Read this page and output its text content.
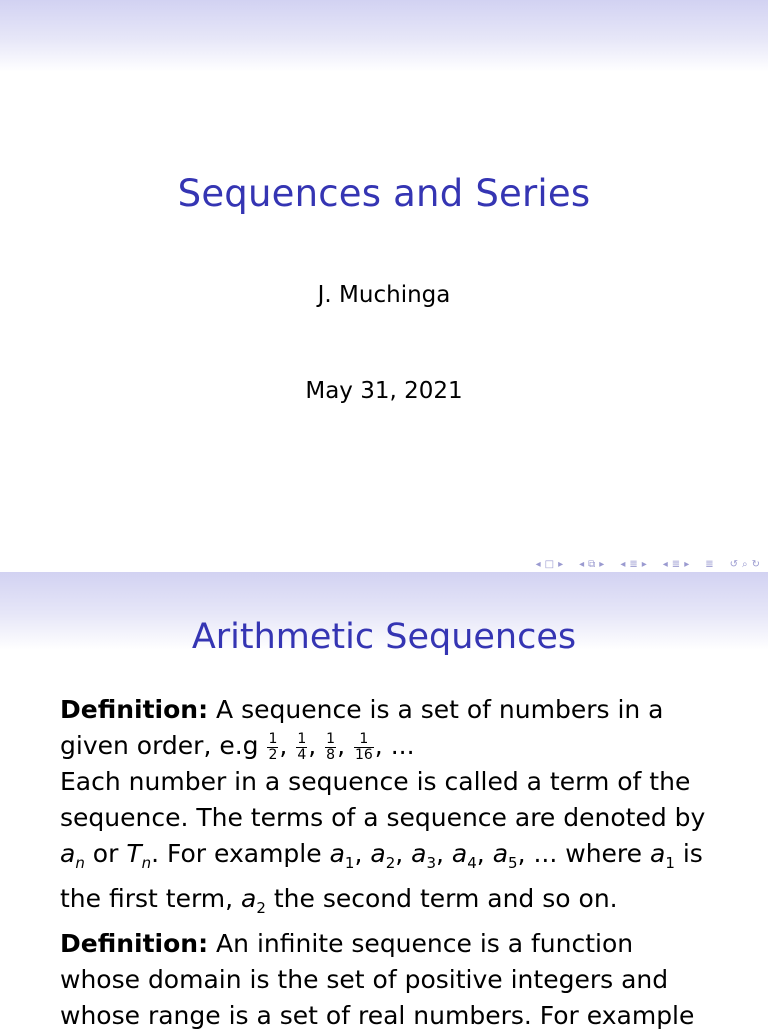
Sequences and Series
J. Muchinga
May 31, 2021
◂ □ ▸ ◂ ⧉ ▸ ◂ ≣ ▸ ◂ ≣ ▸ ≣ ↺ ⌕ ↻
Arithmetic Sequences

Definition: A sequence is a set of numbers in a given order, $e.g \frac{1}{2}$ , $\frac{1}{4}$ , $\frac{1}{8}$ , $\frac{1}{16}$ , ...

Each number in a sequence is called a term of the sequence. The terms of a sequence are denoted by $a_n$ or $T_n$. For example $a_1$, $a_2$, $a_3$, $a_4$, $a_5$, ... where $a_1$ is the first term, $a_2$ the second term and so on.

Definition: An infinite sequence is a function whose domain is the set of positive integers and whose range is a set of real numbers. For example
